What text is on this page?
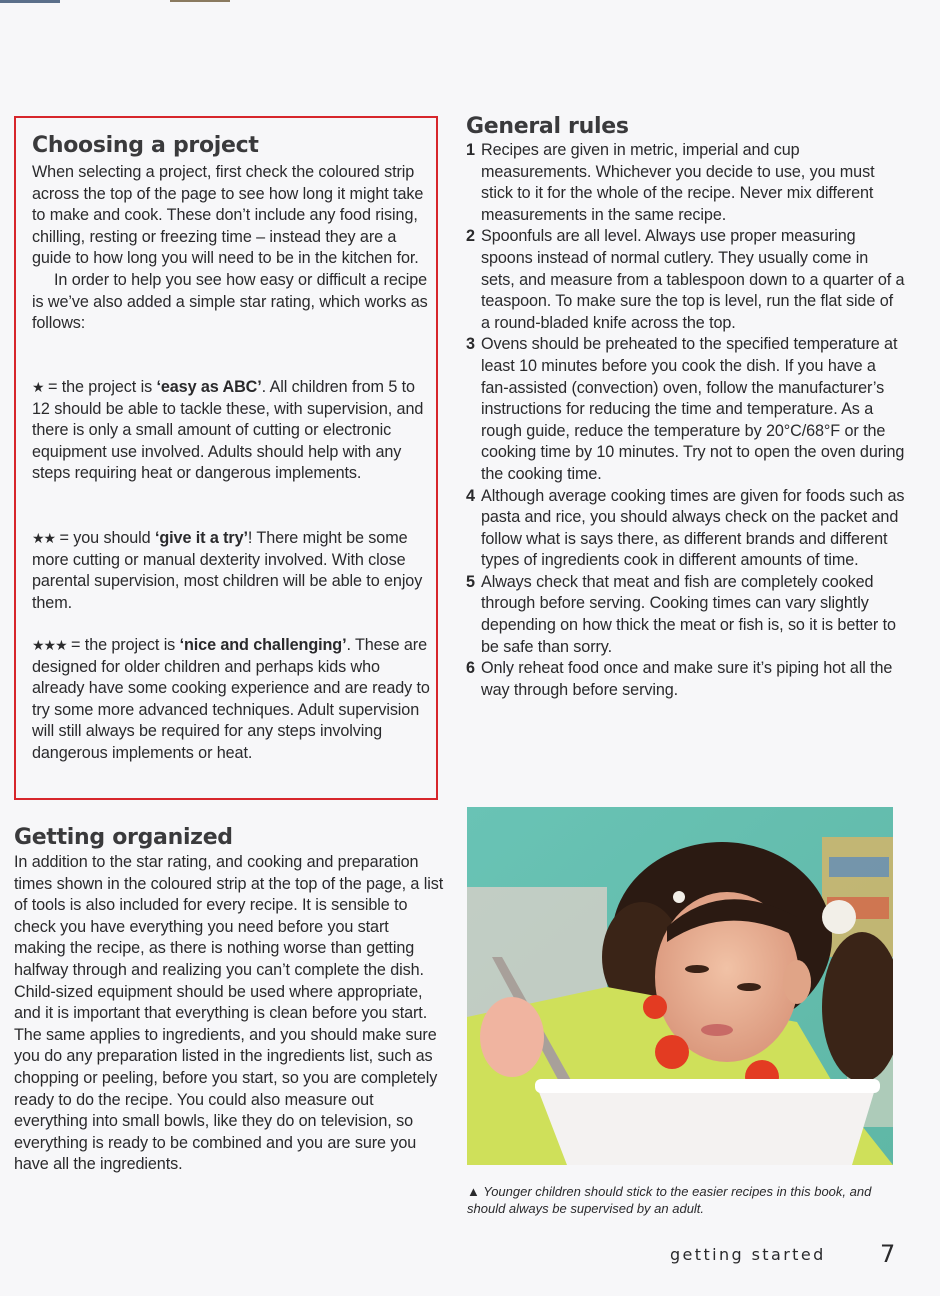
Choosing a project

When selecting a project, first check the coloured strip across the top of the page to see how long it might take to make and cook. These don’t include any food rising, chilling, resting or freezing time – instead they are a guide to how long you will need to be in the kitchen for.

In order to help you see how easy or difficult a recipe is we’ve also added a simple star rating, which works as follows:

★ = the project is ‘easy as ABC’. All children from 5 to 12 should be able to tackle these, with supervision, and there is only a small amount of cutting or electronic equipment use involved. Adults should help with any steps requiring heat or dangerous implements.

★★ = you should ‘give it a try’! There might be some more cutting or manual dexterity involved. With close parental supervision, most children will be able to enjoy them.

★★★ = the project is ‘nice and challenging’. These are designed for older children and perhaps kids who already have some cooking experience and are ready to try some more advanced techniques. Adult supervision will still always be required for any steps involving dangerous implements or heat.

Getting organized
In addition to the star rating, and cooking and preparation times shown in the coloured strip at the top of the page, a list of tools is also included for every recipe. It is sensible to check you have everything you need before you start making the recipe, as there is nothing worse than getting halfway through and realizing you can’t complete the dish. Child-sized equipment should be used where appropriate, and it is important that everything is clean before you start. The same applies to ingredients, and you should make sure you do any preparation listed in the ingredients list, such as chopping or peeling, before you start, so you are completely ready to do the recipe. You could also measure out everything into small bowls, like they do on television, so everything is ready to be combined and you are sure you have all the ingredients.
General rules
1 Recipes are given in metric, imperial and cup measurements. Whichever you decide to use, you must stick to it for the whole of the recipe. Never mix different measurements in the same recipe.
2 Spoonfuls are all level. Always use proper measuring spoons instead of normal cutlery. They usually come in sets, and measure from a tablespoon down to a quarter of a teaspoon. To make sure the top is level, run the flat side of a round-bladed knife across the top.
3 Ovens should be preheated to the specified temperature at least 10 minutes before you cook the dish. If you have a fan-assisted (convection) oven, follow the manufacturer’s instructions for reducing the time and temperature. As a rough guide, reduce the temperature by 20°C/68°F or the cooking time by 10 minutes. Try not to open the oven during the cooking time.
4 Although average cooking times are given for foods such as pasta and rice, you should always check on the packet and follow what is says there, as different brands and different types of ingredients cook in different amounts of time.
5 Always check that meat and fish are completely cooked through before serving. Cooking times can vary slightly depending on how thick the meat or fish is, so it is better to be safe than sorry.
6 Only reheat food once and make sure it’s piping hot all the way through before serving.
▲ Younger children should stick to the easier recipes in this book, and should always be supervised by an adult.
getting started 7
